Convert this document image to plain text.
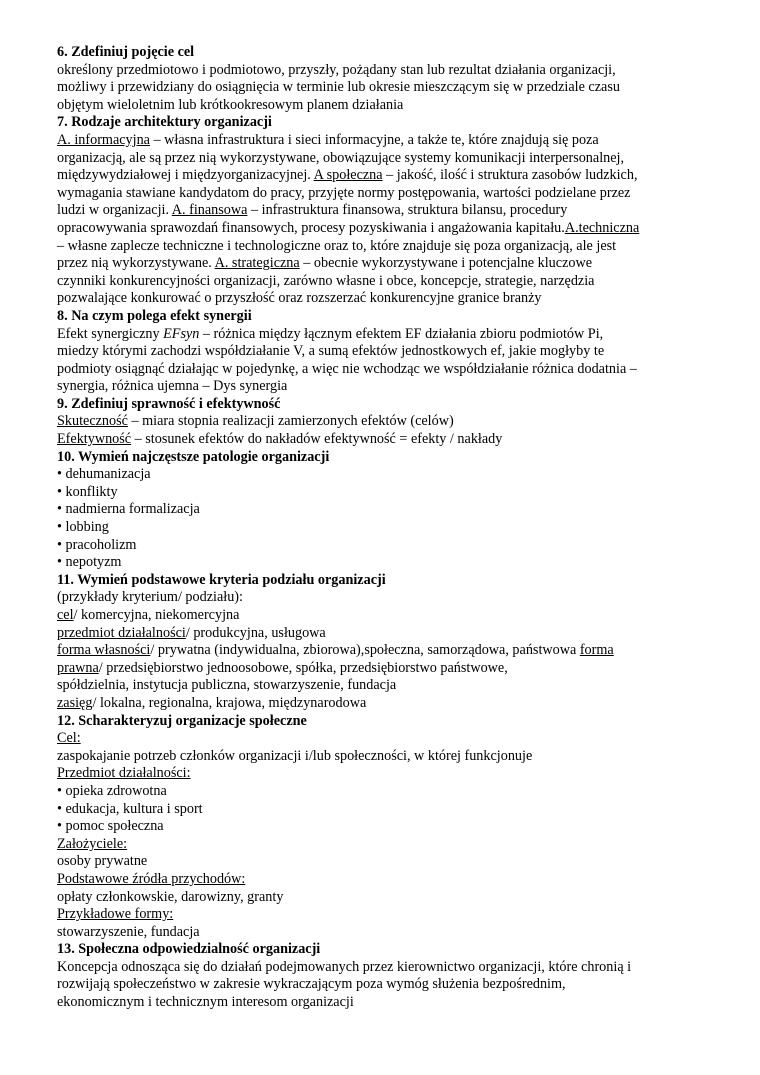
6. Zdefiniuj pojęcie cel
określony przedmiotowo i podmiotowo, przyszły, pożądany stan lub rezultat działania organizacji,
możliwy i przewidziany do osiągnięcia w terminie lub okresie mieszczącym się w przedziale czasu
objętym wieloletnim lub krótkookresowym planem działania
7. Rodzaje architektury organizacji
A. informacyjna – własna infrastruktura i sieci informacyjne, a także te, które znajdują się poza
organizacją, ale są przez nią wykorzystywane, obowiązujące systemy komunikacji interpersonalnej,
międzywydziałowej i międzyorganizacyjnej. A społeczna – jakość, ilość i struktura zasobów ludzkich,
wymagania stawiane kandydatom do pracy, przyjęte normy postępowania, wartości podzielane przez
ludzi w organizacji. A. finansowa – infrastruktura finansowa, struktura bilansu, procedury
opracowywania sprawozdań finansowych, procesy pozyskiwania i angażowania kapitału.A.techniczna
– własne zaplecze techniczne i technologiczne oraz to, które znajduje się poza organizacją, ale jest
przez nią wykorzystywane. A. strategiczna – obecnie wykorzystywane i potencjalne kluczowe
czynniki konkurencyjności organizacji, zarówno własne i obce, koncepcje, strategie, narzędzia
pozwalające konkurować o przyszłość oraz rozszerzać konkurencyjne granice branży
8. Na czym polega efekt synergii
Efekt synergiczny EFsyn – różnica między łącznym efektem EF działania zbioru podmiotów Pi,
miedzy którymi zachodzi współdziałanie V, a sumą efektów jednostkowych ef, jakie mogłyby te
podmioty osiągnąć działając w pojedynkę, a więc nie wchodząc we współdziałanie różnica dodatnia –
synergia, różnica ujemna – Dys synergia
9. Zdefiniuj sprawność i efektywność
Skuteczność – miara stopnia realizacji zamierzonych efektów (celów)
Efektywność – stosunek efektów do nakładów efektywność = efekty / nakłady
10. Wymień najczęstsze patologie organizacji
• dehumanizacja
• konflikty
• nadmierna formalizacja
• lobbing
• pracoholizm
• nepotyzm
11. Wymień podstawowe kryteria podziału organizacji
(przykłady kryterium/ podziału):
cel/ komercyjna, niekomercyjna
przedmiot działalności/ produkcyjna, usługowa
forma własności/ prywatna (indywidualna, zbiorowa),społeczna, samorządowa, państwowa forma
prawna/ przedsiębiorstwo jednoosobowe, spółka, przedsiębiorstwo państwowe,
spółdzielnia, instytucja publiczna, stowarzyszenie, fundacja
zasięg/ lokalna, regionalna, krajowa, międzynarodowa
12. Scharakteryzuj organizacje społeczne
Cel:
zaspokajanie potrzeb członków organizacji i/lub społeczności, w której funkcjonuje
Przedmiot działalności:
• opieka zdrowotna
• edukacja, kultura i sport
• pomoc społeczna
Założyciele:
osoby prywatne
Podstawowe źródła przychodów:
opłaty członkowskie, darowizny, granty
Przykładowe formy:
stowarzyszenie, fundacja
13. Społeczna odpowiedzialność organizacji
Koncepcja odnosząca się do działań podejmowanych przez kierownictwo organizacji, które chronią i
rozwijają społeczeństwo w zakresie wykraczającym poza wymóg służenia bezpośrednim,
ekonomicznym i technicznym interesom organizacji
